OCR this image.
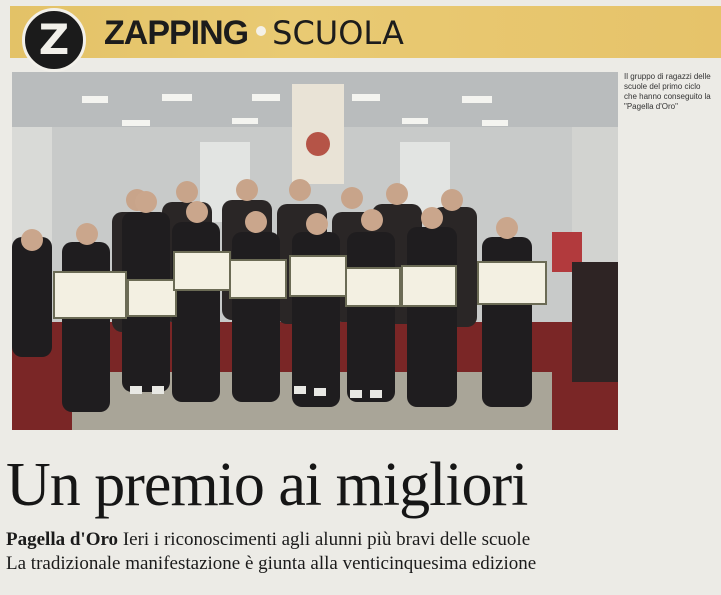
Z ZAPPING SCUOLA
Il gruppo di ragazzi delle scuole del primo ciclo che hanno conseguito la "Pagella d'Oro"
Un premio ai migliori
Pagella d'Oro Ieri i riconoscimenti agli alunni più bravi delle scuole
La tradizionale manifestazione è giunta alla venticinquesima edizione
